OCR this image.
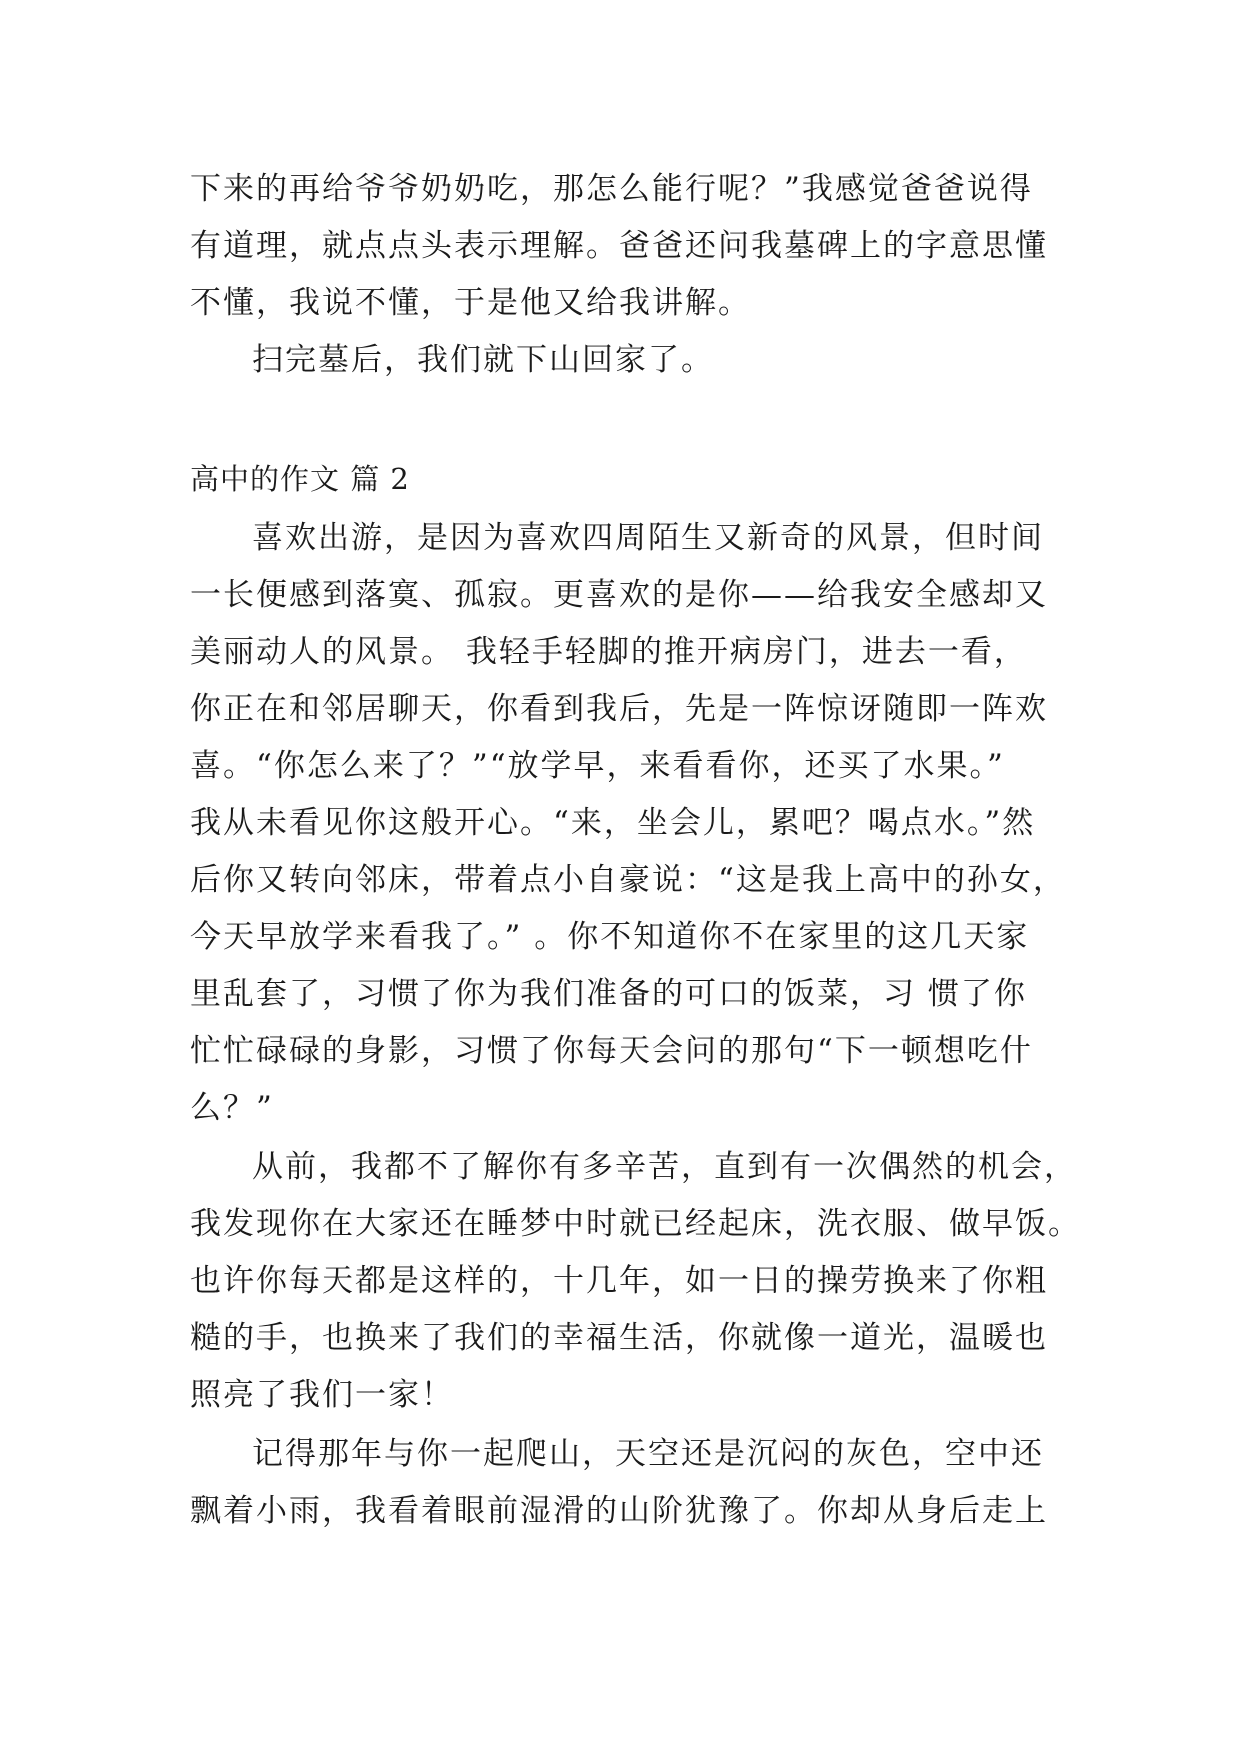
下来的再给爷爷奶奶吃，那怎么能行呢？”我感觉爸爸说得
有道理，就点点头表示理解。爸爸还问我墓碑上的字意思懂
不懂，我说不懂，于是他又给我讲解。
扫完墓后，我们就下山回家了。
高中的作文 篇 2
喜欢出游，是因为喜欢四周陌生又新奇的风景，但时间
一长便感到落寞、孤寂。更喜欢的是你——给我安全感却又
美丽动人的风景。 我轻手轻脚的推开病房门，进去一看，
你正在和邻居聊天，你看到我后，先是一阵惊讶随即一阵欢
喜。“你怎么来了？”“放学早，来看看你，还买了水果。”
我从未看见你这般开心。“来，坐会儿，累吧？喝点水。”然
后你又转向邻床，带着点小自豪说：“这是我上高中的孙女，
今天早放学来看我了。” 。你不知道你不在家里的这几天家
里乱套了，习惯了你为我们准备的可口的饭菜，习 惯了你
忙忙碌碌的身影，习惯了你每天会问的那句“下一顿想吃什
么？”
从前，我都不了解你有多辛苦，直到有一次偶然的机会，
我发现你在大家还在睡梦中时就已经起床，洗衣服、做早饭。
也许你每天都是这样的，十几年，如一日的操劳换来了你粗
糙的手，也换来了我们的幸福生活，你就像一道光，温暖也
照亮了我们一家！
记得那年与你一起爬山，天空还是沉闷的灰色，空中还
飘着小雨，我看着眼前湿滑的山阶犹豫了。你却从身后走上
